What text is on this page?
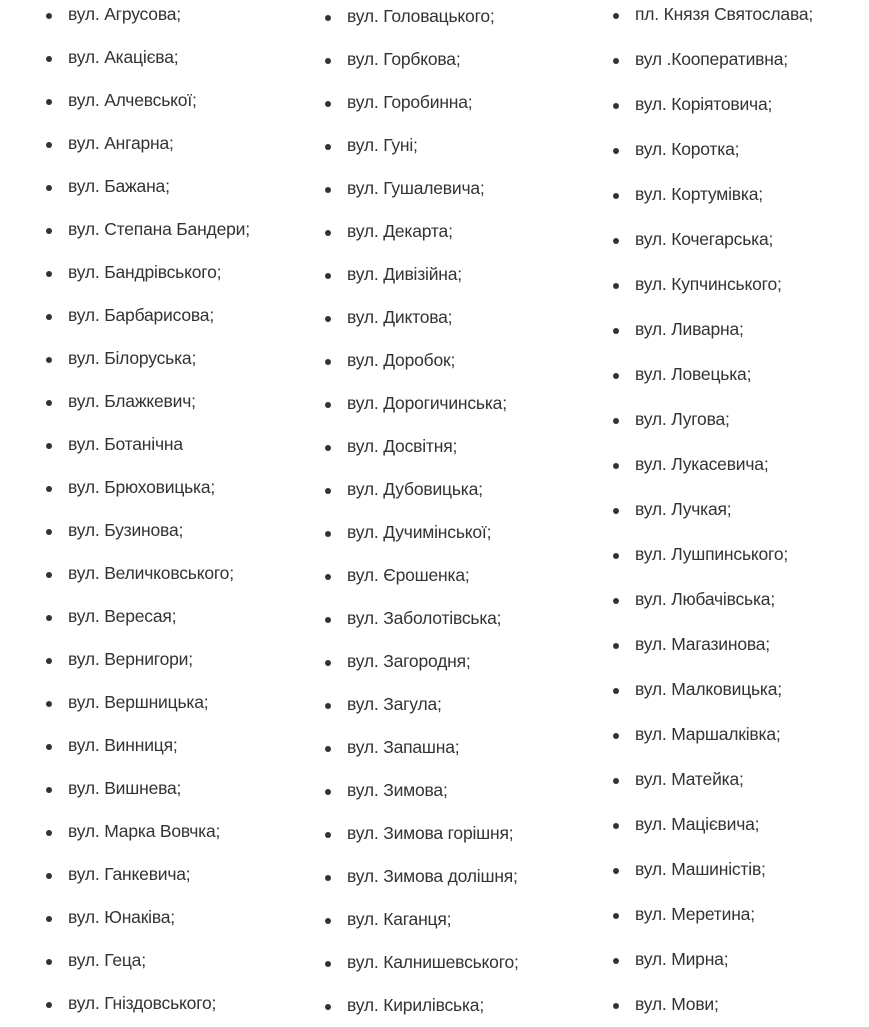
вул. Агрусова;
вул. Акацієва;
вул. Алчевської;
вул. Ангарна;
вул. Бажана;
вул. Степана Бандери;
вул. Бандрівського;
вул. Барбарисова;
вул. Білоруська;
вул. Блажкевич;
вул. Ботанічна
вул. Брюховицька;
вул. Бузинова;
вул. Величковського;
вул. Вересая;
вул. Вернигори;
вул. Вершницька;
вул. Винниця;
вул. Вишнева;
вул. Марка Вовчка;
вул. Ганкевича;
вул. Юнаківа;
вул. Геца;
вул. Гніздовського;
вул. Головацького;
вул. Горбкова;
вул. Горобинна;
вул. Гуні;
вул. Гушалевича;
вул. Декарта;
вул. Дивізійна;
вул. Диктова;
вул. Доробок;
вул. Дорогичинська;
вул. Досвітня;
вул. Дубовицька;
вул. Дучимінської;
вул. Єрошенка;
вул. Заболотівська;
вул. Загородня;
вул. Загула;
вул. Запашна;
вул. Зимова;
вул. Зимова горішня;
вул. Зимова долішня;
вул. Каганця;
вул. Калнишевського;
вул. Кирилівська;
пл. Князя Святослава;
вул .Кооперативна;
вул. Коріятовича;
вул. Коротка;
вул. Кортумівка;
вул. Кочегарська;
вул. Купчинського;
вул. Ливарна;
вул. Ловецька;
вул. Лугова;
вул. Лукасевича;
вул. Лучкая;
вул. Лушпинського;
вул. Любачівська;
вул. Магазинова;
вул. Малковицька;
вул. Маршалківка;
вул. Матейка;
вул. Мацієвича;
вул. Машиністів;
вул. Меретина;
вул. Мирна;
вул. Мови;
